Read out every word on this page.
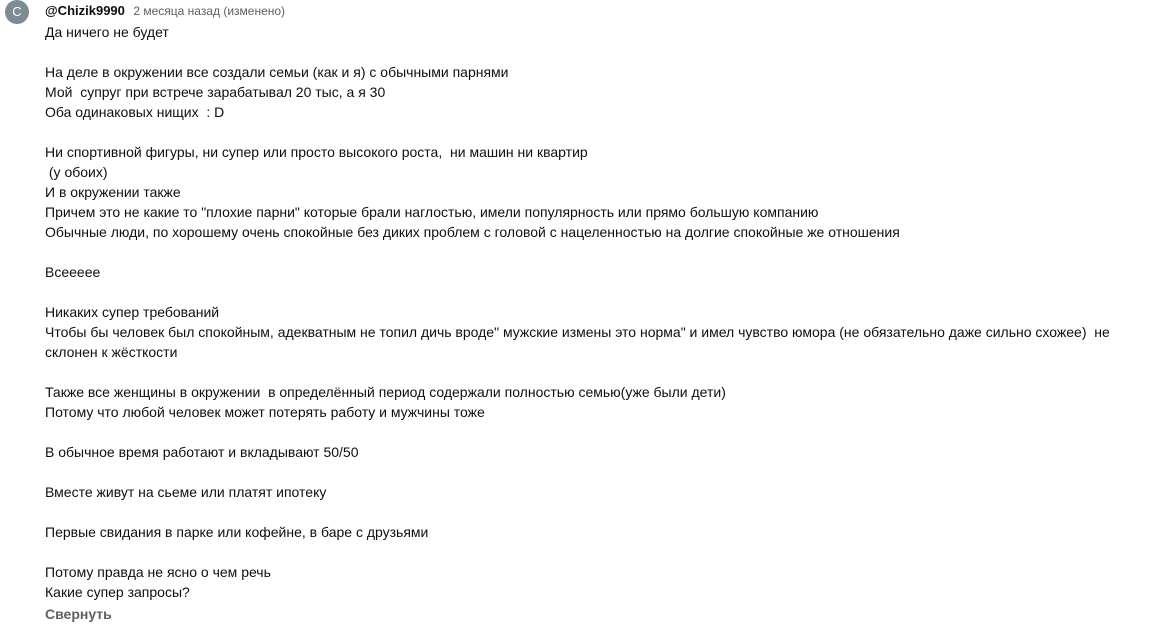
С	@Chizik9990 2 месяца назад (изменено)
Да ничего не будет
На деле в окружении все создали семьи (как и я) с обычными парнями
Мой  супруг при встрече зарабатывал 20 тыс, а я 30
Оба одинаковых нищих  : D
Ни спортивной фигуры, ни супер или просто высокого роста,  ни машин ни квартир
(у обоих)
И в окружении также
Причем это не какие то "плохие парни" которые брали наглостью, имели популярность или прямо большую компанию
Обычные люди, по хорошему очень спокойные без диких проблем с головой с нацеленностью на долгие спокойные же отношения
Всеееее
Никаких супер требований
Чтобы бы человек был спокойным, адекватным не топил дичь вроде" мужские измены это норма" и имел чувство юмора (не обязательно даже сильно схожее)  не склонен к жёсткости
Также все женщины в окружении  в определённый период содержали полностью семью(уже были дети)
Потому что любой человек может потерять работу и мужчины тоже
В обычное время работают и вкладывают 50/50
Вместе живут на сьеме или платят ипотеку
Первые свидания в парке или кофейне, в баре с друзьями
Потому правда не ясно о чем речь
Какие супер запросы?
Свернуть
